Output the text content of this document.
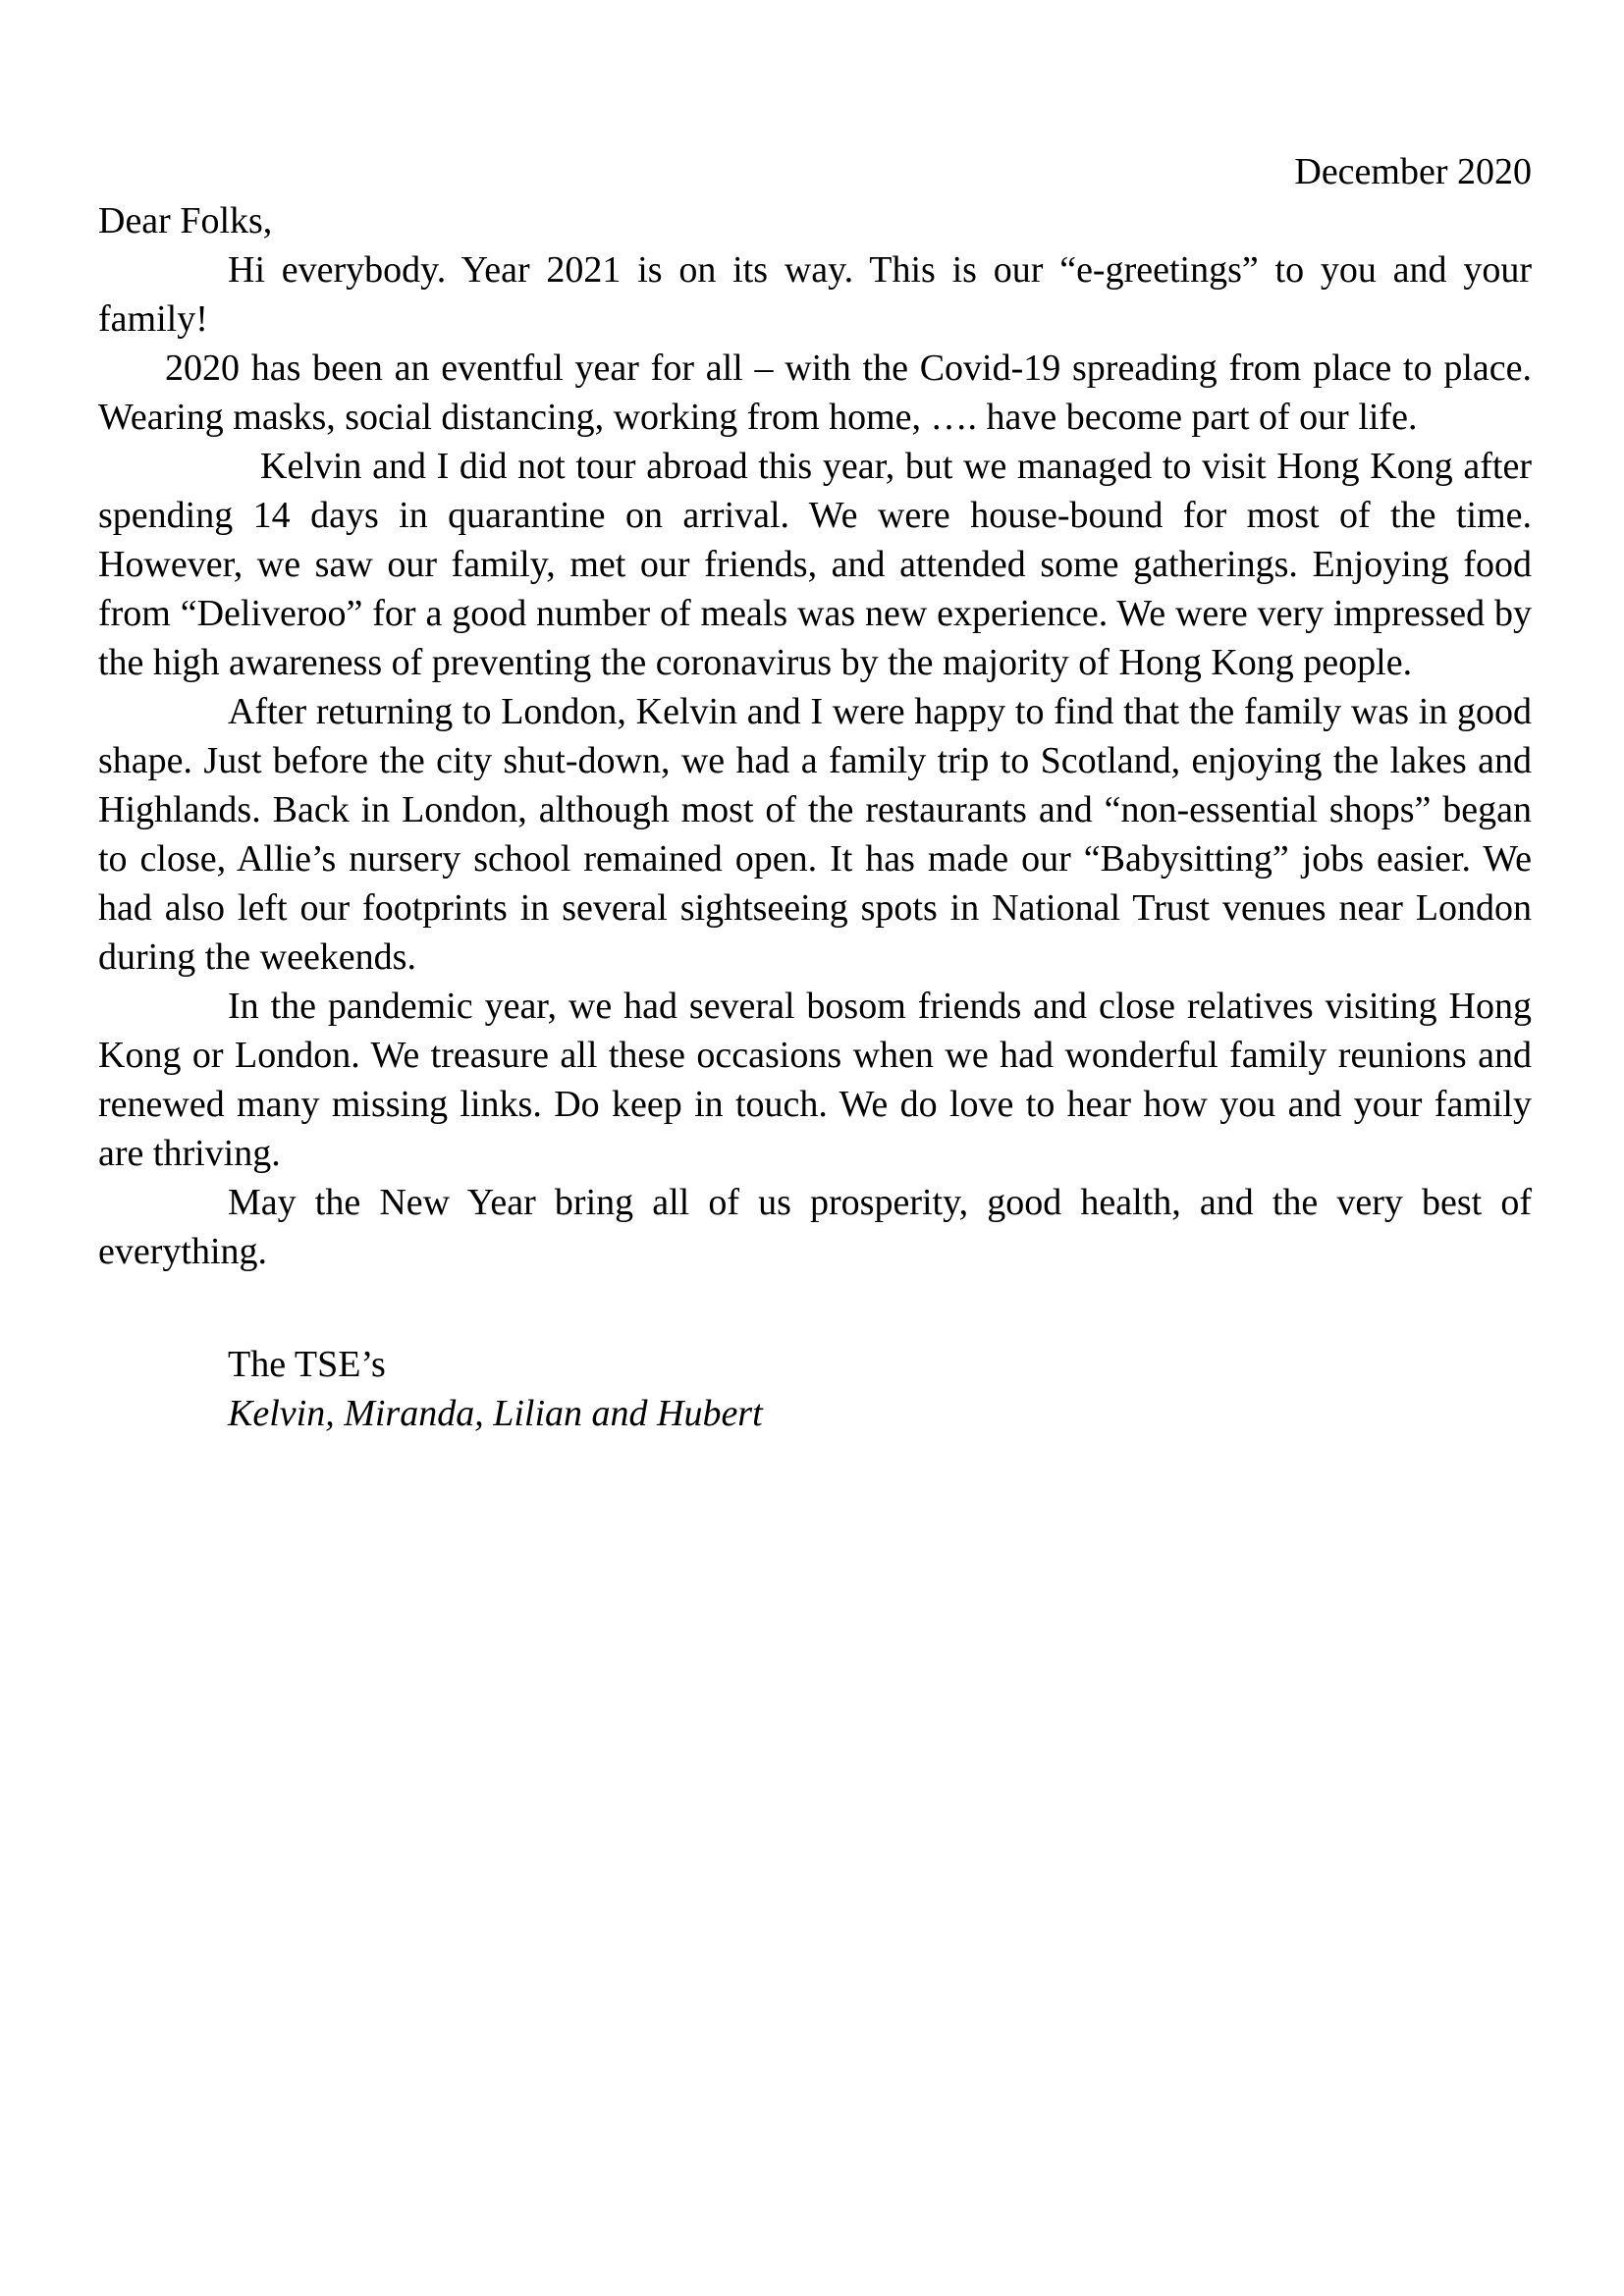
December 2020

Dear Folks,

Hi everybody. Year 2021 is on its way. This is our “e-greetings” to you and your family!

2020 has been an eventful year for all – with the Covid-19 spreading from place to place. Wearing masks, social distancing, working from home, …. have become part of our life.

Kelvin and I did not tour abroad this year, but we managed to visit Hong Kong after spending 14 days in quarantine on arrival. We were house-bound for most of the time. However, we saw our family, met our friends, and attended some gatherings. Enjoying food from “Deliveroo” for a good number of meals was new experience. We were very impressed by the high awareness of preventing the coronavirus by the majority of Hong Kong people.

After returning to London, Kelvin and I were happy to find that the family was in good shape. Just before the city shut-down, we had a family trip to Scotland, enjoying the lakes and Highlands. Back in London, although most of the restaurants and “non-essential shops” began to close, Allie’s nursery school remained open. It has made our “Babysitting” jobs easier. We had also left our footprints in several sightseeing spots in National Trust venues near London during the weekends.

In the pandemic year, we had several bosom friends and close relatives visiting Hong Kong or London. We treasure all these occasions when we had wonderful family reunions and renewed many missing links. Do keep in touch. We do love to hear how you and your family are thriving.

May the New Year bring all of us prosperity, good health, and the very best of everything.

The TSE’s

Kelvin, Miranda, Lilian and Hubert
